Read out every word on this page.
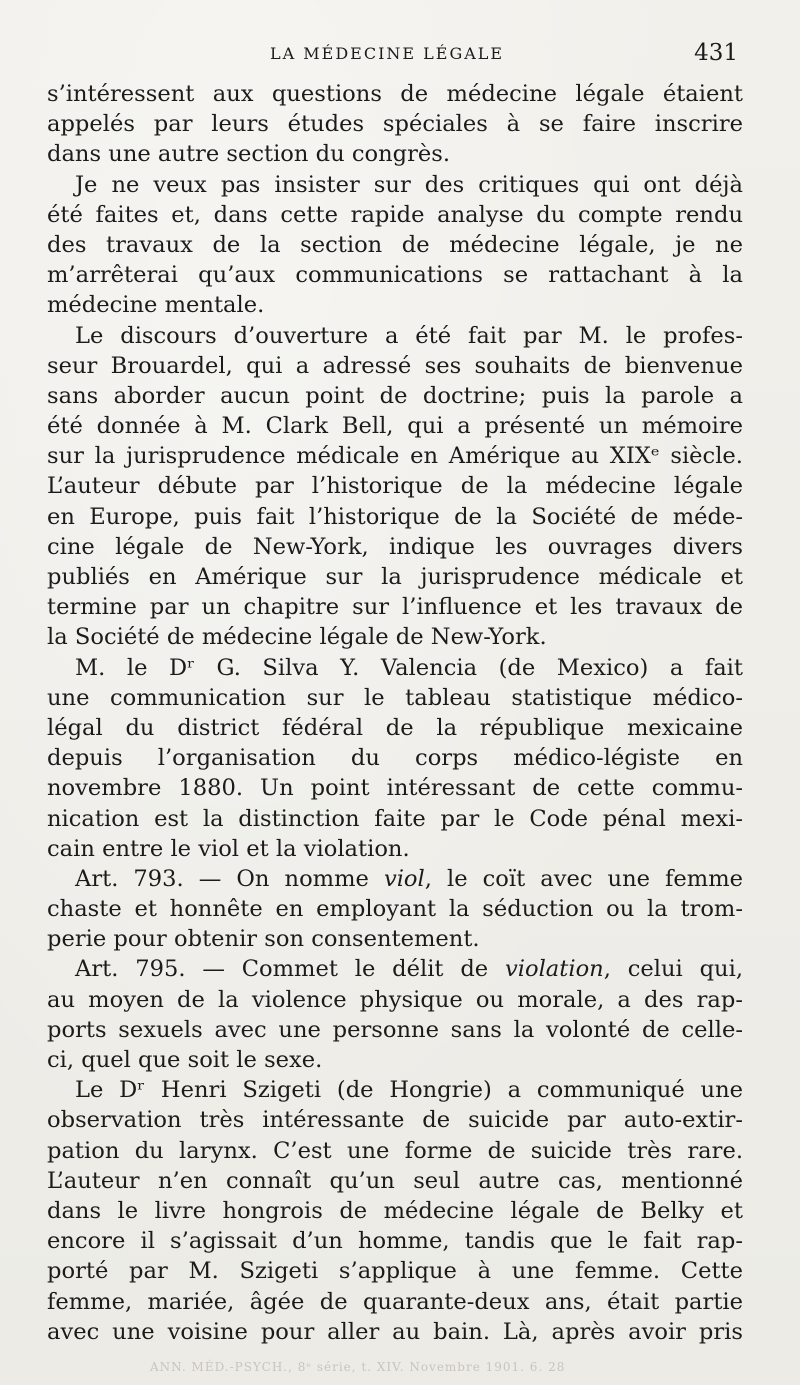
LA MÉDECINE LÉGALE	431
s’intéressent aux questions de médecine légale étaient
appelés par leurs études spéciales à se faire inscrire
dans une autre section du congrès.
Je ne veux pas insister sur des critiques qui ont déjà
été faites et, dans cette rapide analyse du compte rendu
des travaux de la section de médecine légale, je ne
m’arrêterai qu’aux communications se rattachant à la
médecine mentale.
Le discours d’ouverture a été fait par M. le profes-
seur Brouardel, qui a adressé ses souhaits de bienvenue
sans aborder aucun point de doctrine; puis la parole a
été donnée à M. Clark Bell, qui a présenté un mémoire
sur la jurisprudence médicale en Amérique au XIXᵉ siècle.
L’auteur débute par l’historique de la médecine légale
en Europe, puis fait l’historique de la Société de méde-
cine légale de New-York, indique les ouvrages divers
publiés en Amérique sur la jurisprudence médicale et
termine par un chapitre sur l’influence et les travaux de
la Société de médecine légale de New-York.
M. le Dʳ G. Silva Y. Valencia (de Mexico) a fait
une communication sur le tableau statistique médico-
légal du district fédéral de la république mexicaine
depuis l’organisation du corps médico-légiste en
novembre 1880. Un point intéressant de cette commu-
nication est la distinction faite par le Code pénal mexi-
cain entre le viol et la violation.
Art. 793. — On nomme viol, le coït avec une femme
chaste et honnête en employant la séduction ou la trom-
perie pour obtenir son consentement.
Art. 795. — Commet le délit de violation, celui qui,
au moyen de la violence physique ou morale, a des rap-
ports sexuels avec une personne sans la volonté de celle-
ci, quel que soit le sexe.
Le Dʳ Henri Szigeti (de Hongrie) a communiqué une
observation très intéressante de suicide par auto-extir-
pation du larynx. C’est une forme de suicide très rare.
L’auteur n’en connaît qu’un seul autre cas, mentionné
dans le livre hongrois de médecine légale de Belky et
encore il s’agissait d’un homme, tandis que le fait rap-
porté par M. Szigeti s’applique à une femme. Cette
femme, mariée, âgée de quarante-deux ans, était partie
avec une voisine pour aller au bain. Là, après avoir pris
ANN. MÉD.-PSYCH., 8ᵉ série, t. XIV. Novembre 1901. 6. 28
